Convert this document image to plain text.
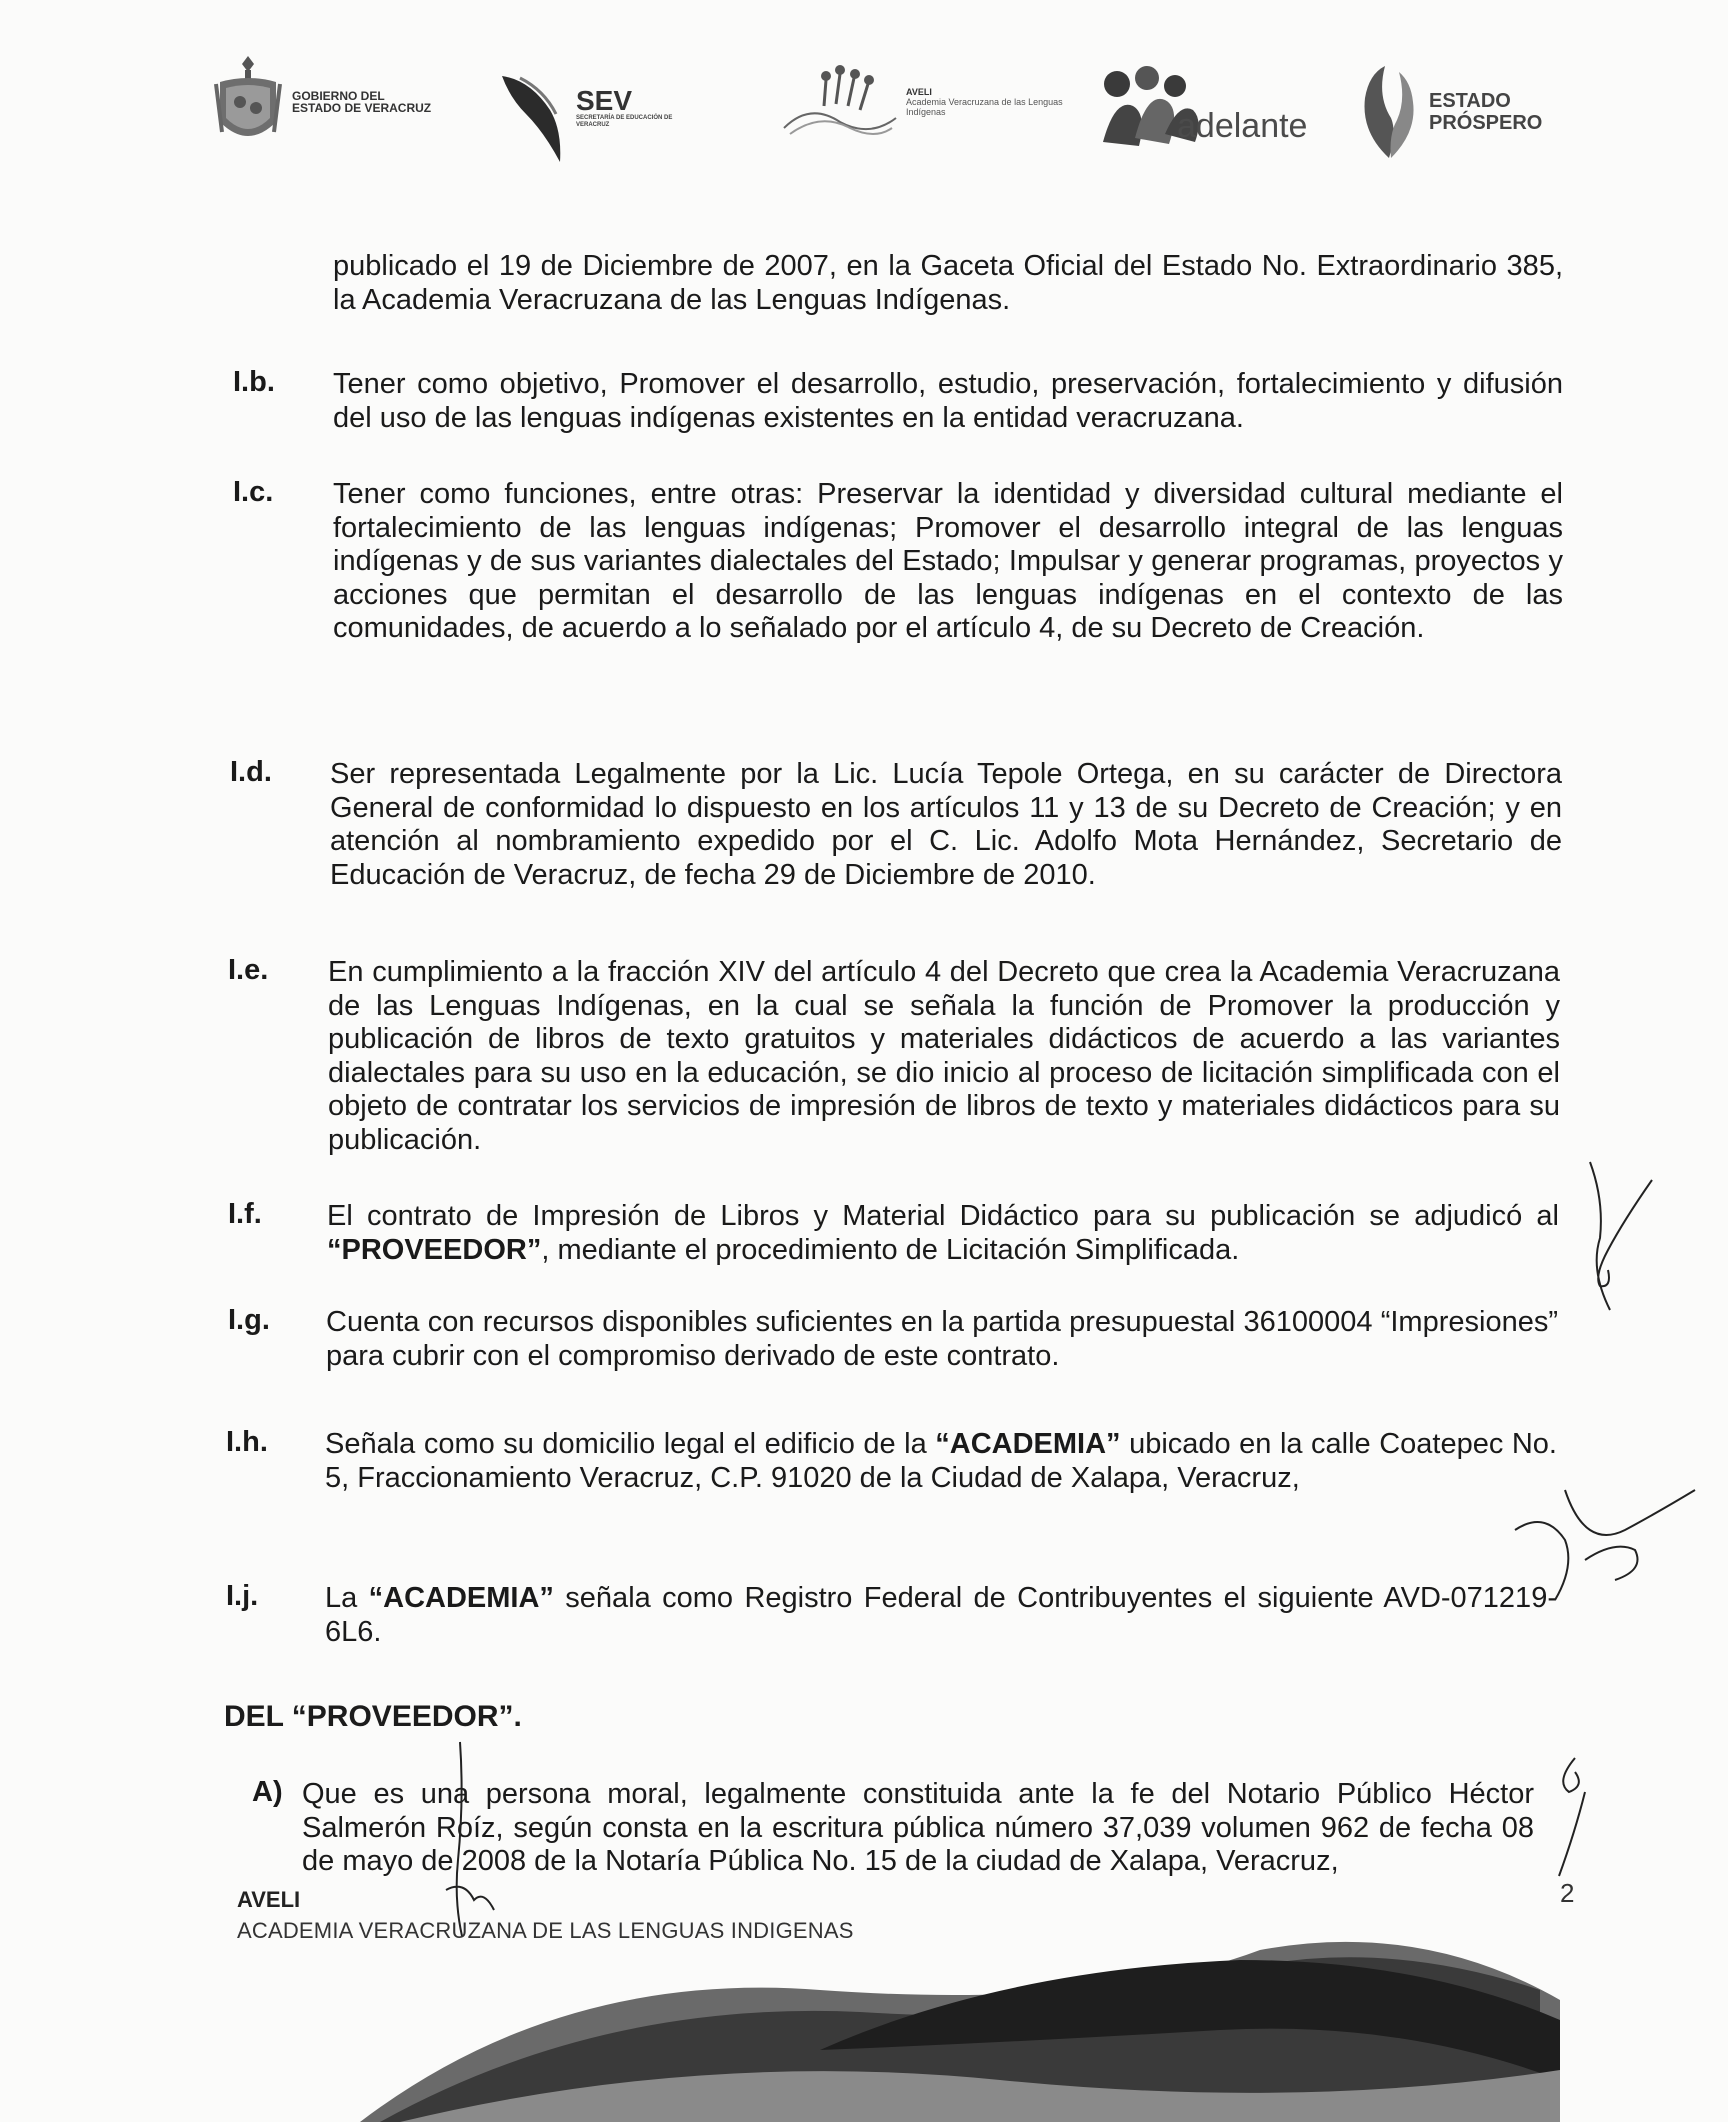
GOBIERNO DEL
ESTADO DE VERACRUZ	SEV
SECRETARÍA DE EDUCACIÓN DE VERACRUZ
AVELI
Academia Veracruzana de las Lenguas Indígenas	adelante
ESTADO
PRÓSPERO

publicado el 19 de Diciembre de 2007, en la Gaceta Oficial del Estado No. Extraordinario 385, la Academia Veracruzana de las Lenguas Indígenas.

I.b. Tener como objetivo, Promover el desarrollo, estudio, preservación, fortalecimiento y difusión del uso de las lenguas indígenas existentes en la entidad veracruzana.

I.c. Tener como funciones, entre otras: Preservar la identidad y diversidad cultural mediante el fortalecimiento de las lenguas indígenas; Promover el desarrollo integral de las lenguas indígenas y de sus variantes dialectales del Estado; Impulsar y generar programas, proyectos y acciones que permitan el desarrollo de las lenguas indígenas en el contexto de las comunidades, de acuerdo a lo señalado por el artículo 4, de su Decreto de Creación.

I.d. Ser representada Legalmente por la Lic. Lucía Tepole Ortega, en su carácter de Directora General de conformidad lo dispuesto en los artículos 11 y 13 de su Decreto de Creación; y en atención al nombramiento expedido por el C. Lic. Adolfo Mota Hernández, Secretario de Educación de Veracruz, de fecha 29 de Diciembre de 2010.

I.e. En cumplimiento a la fracción XIV del artículo 4 del Decreto que crea la Academia Veracruzana de las Lenguas Indígenas, en la cual se señala la función de Promover la producción y publicación de libros de texto gratuitos y materiales didácticos de acuerdo a las variantes dialectales para su uso en la educación, se dio inicio al proceso de licitación simplificada con el objeto de contratar los servicios de impresión de libros de texto y materiales didácticos para su publicación.

I.f. El contrato de Impresión de Libros y Material Didáctico para su publicación se adjudicó al “PROVEEDOR”, mediante el procedimiento de Licitación Simplificada.

I.g. Cuenta con recursos disponibles suficientes en la partida presupuestal 36100004 “Impresiones” para cubrir con el compromiso derivado de este contrato.

I.h. Señala como su domicilio legal el edificio de la “ACADEMIA” ubicado en la calle Coatepec No. 5, Fraccionamiento Veracruz, C.P. 91020 de la Ciudad de Xalapa, Veracruz,

I.j. La “ACADEMIA” señala como Registro Federal de Contribuyentes el siguiente AVD-071219-6L6.

DEL “PROVEEDOR”.
A) Que es una persona moral, legalmente constituida ante la fe del Notario Público Héctor Salmerón Roíz, según consta en la escritura pública número 37,039 volumen 962 de fecha 08 de mayo de 2008 de la Notaría Pública No. 15 de la ciudad de Xalapa, Veracruz,

AVELI
ACADEMIA VERACRUZANA DE LAS LENGUAS INDIGENAS
2
